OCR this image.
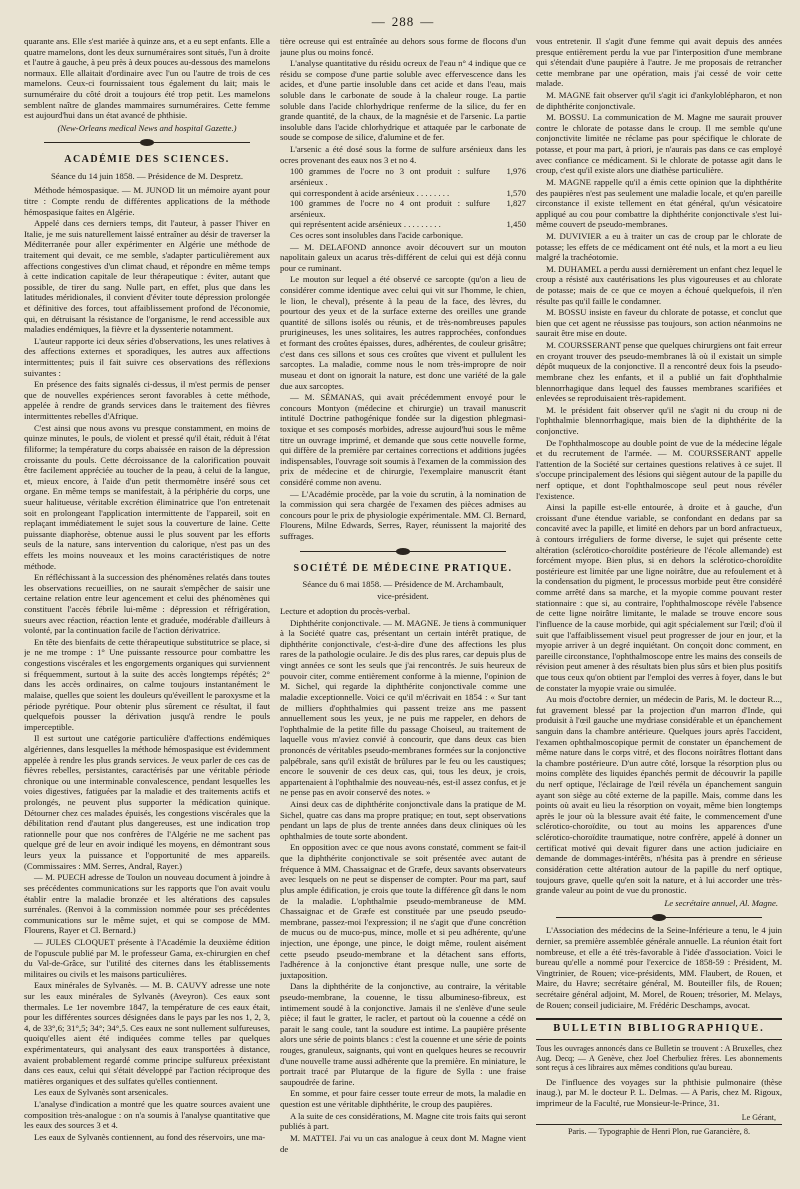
— 288 —

quarante ans. Elle s'est mariée à quinze ans, et a eu sept enfants. Elle a quatre mamelons, dont les deux surnuméraires sont situés, l'un à droite et l'autre à gauche, à peu près à deux pouces au-dessous des mamelons normaux. Elle allaitait d'ordinaire avec l'un ou l'autre de trois de ces mamelons. Ceux-ci fournissaient tous également du lait; mais le surnuméraire du côté droit a toujours été trop petit. Les mamelons semblent naître de glandes mammaires surnuméraires. Cette femme est aujourd'hui dans un état avancé de phthisie.

(New-Orleans medical News and hospital Gazette.)
ACADÉMIE DES SCIENCES.
Séance du 14 juin 1858. — Présidence de M. Despretz.

Méthode hémospasique. — M. JUNOD lit un mémoire ayant pour titre : Compte rendu de différentes applications de la méthode hémospasique faites en Algérie.

Appelé dans ces derniers temps, dit l'auteur, à passer l'hiver en Italie, je me suis naturellement laissé entraîner au désir de traverser la Méditerranée pour aller expérimenter en Algérie une méthode de traitement qui devait, ce me semble, s'adapter particulièrement aux affections congestives d'un climat chaud, et répondre en même temps à cette indication capitale de leur thérapeutique : éviter, autant que possible, de tirer du sang. Nulle part, en effet, plus que dans les latitudes méridionales, il convient d'éviter toute dépression prolongée et définitive des forces, tout affaiblissement profond de l'économie, qui, en détruisant la résistance de l'organisme, le rend accessible aux maladies endémiques, la fièvre et la dyssenterie notamment.

L'auteur rapporte ici deux séries d'observations, les unes relatives à des affections externes et sporadiques, les autres aux affections intermittentes; puis il fait suivre ces observations des réflexions suivantes :

En présence des faits signalés ci-dessus, il m'est permis de penser que de nouvelles expériences seront favorables à cette méthode, appelée à rendre de grands services dans le traitement des fièvres intermittentes rebelles d'Afrique.

C'est ainsi que nous avons vu presque constamment, en moins de quinze minutes, le pouls, de violent et pressé qu'il était, réduit à l'état filiforme; la température du corps abaissée en raison de la dépression croissante du pouls. Cette décroissance de la calorification pouvait être facilement appréciée au toucher de la peau, à celui de la langue, et, mieux encore, à l'aide d'un petit thermomètre inséré sous cet organe. En même temps se manifestait, à la périphérie du corps, une sueur halitueuse, véritable excrétion éliminatrice que l'on entretenait soit en prolongeant l'application intermittente de l'appareil, soit en replaçant immédiatement le sujet sous la couverture de laine. Cette puissante diaphorèse, obtenue aussi le plus souvent par les efforts seuls de la nature, sans intervention du calorique, n'est pas un des effets les moins nouveaux et les moins caractéristiques de notre méthode.

En réfléchissant à la succession des phénomènes relatés dans toutes les observations recueillies, on ne saurait s'empêcher de saisir une certaine relation entre leur agencement et celui des phénomènes qui constituent l'accès fébrile lui-même : dépression et réfrigération, sueurs avec réaction, réaction lente et graduée, modérable d'ailleurs à volonté, par la continuation facile de l'action dérivatrice.

En tête des bienfaits de cette thérapeutique substitutrice se place, si je ne me trompe : 1° Une puissante ressource pour combattre les congestions viscérales et les engorgements organiques qui surviennent si fréquemment, surtout à la suite des accès longtemps répétés; 2° dans les accès ordinaires, on calme toujours instantanément le malaise, quelles que soient les douleurs qu'éveillent le paroxysme et la période pyrétique. Pour obtenir plus sûrement ce résultat, il faut quelquefois pousser la dérivation jusqu'à rendre le pouls imperceptible.

Il est surtout une catégorie particulière d'affections endémiques algériennes, dans lesquelles la méthode hémospasique est évidemment appelée à rendre les plus grands services. Je veux parler de ces cas de fièvres rebelles, persistantes, caractérisés par une véritable période chronique ou une interminable convalescence, pendant lesquelles les voies digestives, fatiguées par la maladie et des traitements actifs et prolongés, ne peuvent plus supporter la médication quinique. Détourner chez ces malades épuisés, les congestions viscérales que la débilitation rend d'autant plus dangereuses, est une indication trop rationnelle pour que nos confrères de l'Algérie ne me sachent pas quelque gré de leur en avoir indiqué les moyens, en démontrant sous leurs yeux la puissance et l'opportunité de mes appareils. (Commissaires : MM. Serres, Andral, Rayer.)

— M. PUECH adresse de Toulon un nouveau document à joindre à ses précédentes communications sur les rapports que l'on avait voulu établir entre la maladie bronzée et les altérations des capsules surrénales. (Renvoi à la commission nommée pour ses précédentes communications sur le même sujet, et qui se compose de MM. Flourens, Rayer et Cl. Bernard.)

— JULES CLOQUET présente à l'Académie la deuxième édition de l'opuscule publié par M. le professeur Gama, ex-chirurgien en chef du Val-de-Grâce, sur l'utilité des citernes dans les établissements militaires ou civils et les maisons particulières.

Eaux minérales de Sylvanès. — M. B. CAUVY adresse une note sur les eaux minérales de Sylvanès (Aveyron). Ces eaux sont thermales. Le 1er novembre 1847, la température de ces eaux était, pour les différentes sources désignées dans le pays par les nos 1, 2, 3, 4, de 33°,6; 31°,5; 34°; 34°,5. Ces eaux ne sont nullement sulfureuses, quoiqu'elles aient été indiquées comme telles par quelques expérimentateurs, qui analysant des eaux transportées à distance, avaient probablement regardé comme principe sulfureux préexistant dans ces eaux, celui qui s'était développé par l'action réciproque des matières organiques et des sulfates qu'elles contiennent.

Les eaux de Sylvanès sont arsenicales.

L'analyse d'indication a montré que les quatre sources avaient une composition très-analogue : on n'a soumis à l'analyse quantitative que les eaux des sources 3 et 4.

Les eaux de Sylvanès contiennent, au fond des réservoirs, une ma-

tière ocreuse qui est entraînée au dehors sous forme de flocons d'un jaune plus ou moins foncé.

L'analyse quantitative du résidu ocreux de l'eau n° 4 indique que ce résidu se compose d'une partie soluble avec effervescence dans les acides, et d'une partie insoluble dans cet acide et dans l'eau, mais soluble dans le carbonate de soude à la chaleur rouge. La partie soluble dans l'acide chlorhydrique renferme de la silice, du fer en grande quantité, de la chaux, de la magnésie et de l'arsenic. La partie insoluble dans l'acide chlorhydrique et attaquée par le carbonate de soude se compose de silice, d'alumine et de fer.

L'arsenic a été dosé sous la forme de sulfure arsénieux dans les ocres provenant des eaux nos 3 et no 4.

100 grammes de l'ocre no 3 ont produit : sulfure arsénieux .
1,976
qui correspondent à acide arsénieux . . . . . . . .	1,570
100 grammes de l'ocre no 4 ont produit : sulfure arsénieux.
1,827
qui représentent acide arsénieux . . . . . . . . .	1,450

Ces ocres sont insolubles dans l'acide carbonique.

— M. DELAFOND annonce avoir découvert sur un mouton napolitain galeux un acarus très-différent de celui qui est déjà connu pour ce ruminant.

Le mouton sur lequel a été observé ce sarcopte (qu'on a lieu de considérer comme identique avec celui qui vit sur l'homme, le chien, le lion, le cheval), présente à la peau de la face, des lèvres, du pourtour des yeux et de la surface externe des oreilles une grande quantité de sillons isolés ou réunis, et de très-nombreuses papules prurigineuses, les unes solitaires, les autres rapprochées, confondues et formant des croûtes épaisses, dures, adhérentes, de couleur grisâtre; c'est dans ces sillons et sous ces croûtes que vivent et pullulent les sarcoptes. La maladie, comme nous le nom très-impropre de noir museau et dont on ignorait la nature, est donc une variété de la gale due aux sarcoptes.

— M. SÉMANAS, qui avait précédemment envoyé pour le concours Montyon (médecine et chirurgie) un travail manuscrit intitulé Doctrine pathogénique fondée sur la digestion phlegmasi-toxique et ses composés morbides, adresse aujourd'hui sous le même titre un ouvrage imprimé, et demande que sous cette nouvelle forme, qui diffère de la première par certaines corrections et additions jugées indispensables, l'ouvrage soit soumis à l'examen de la commission des prix de médecine et de chirurgie, l'exemplaire manuscrit étant considéré comme non avenu.

— L'Académie procède, par la voie du scrutin, à la nomination de la commission qui sera chargée de l'examen des pièces admises au concours pour le prix de physiologie expérimentale. MM. Cl. Bernard, Flourens, Milne Edwards, Serres, Rayer, réunissent la majorité des suffrages.

SOCIÉTÉ DE MÉDECINE PRATIQUE.
Séance du 6 mai 1858. — Présidence de M. Archambault,
vice-président.

Lecture et adoption du procès-verbal.

Diphthérite conjonctivale. — M. MAGNE. Je tiens à communiquer à la Société quatre cas, présentant un certain intérêt pratique, de diphthérite conjonctivale, c'est-à-dire d'une des affections les plus rares de la pathologie oculaire. Je dis des plus rares, car depuis plus de vingt années ce sont les seuls que j'ai rencontrés. Je suis heureux de pouvoir citer, comme entièrement conforme à la mienne, l'opinion de M. Sichel, qui regarde la diphthérite conjonctivale comme une maladie exceptionnelle. Voici ce qu'il m'écrivait en 1854 : « Sur tant de milliers d'ophthalmies qui passent treize ans me passent annuellement sous les yeux, je ne puis me rappeler, en dehors de l'ophthalmie de la petite fille du passage Choiseul, au traitement de laquelle vous m'aviez convié à concourir, que dans deux cas bien prononcés de véritables pseudo-membranes formées sur la conjonctive palpébrale, sans qu'il existât de brûlures par le feu ou les caustiques; encore le souvenir de ces deux cas, qui, tous les deux, je crois, appartenaient à l'ophthalmie des nouveau-nés, est-il assez confus, et je ne pense pas en avoir conservé des notes. »

Ainsi deux cas de diphthérite conjonctivale dans la pratique de M. Sichel, quatre cas dans ma propre pratique; en tout, sept observations pendant un laps de plus de trente années dans deux cliniques où les ophthalmies de toute sorte abondent.

En opposition avec ce que nous avons constaté, comment se fait-il que la diphthérite conjonctivale se soit présentée avec autant de fréquence à MM. Chassaignac et de Græfe, deux savants observateurs avec lesquels on ne peut se dispenser de compter. Pour ma part, sauf plus ample édification, je crois que toute la différence gît dans le nom de la maladie. L'ophthalmie pseudo-membraneuse de MM. Chassaignac et de Græfe est constituée par une pseudo pseudo-membrane, passez-moi l'expression; il ne s'agit que d'une concrétion de mucus ou de muco-pus, mince, molle et si peu adhérente, qu'une injection, une éponge, une pince, le doigt même, roulent aisément cette pseudo pseudo-membrane et la détachent sans efforts, l'adhérence à la conjonctive étant presque nulle, une sorte de juxtaposition.

Dans la diphthérite de la conjonctive, au contraire, la véritable pseudo-membrane, la couenne, le tissu albumineso-fibreux, est intimement soudé à la conjonctive. Jamais il ne s'enlève d'une seule pièce; il faut le gratter, le racler, et partout où la couenne a cédé on parait le sang coule, tant la soudure est intime. La paupière présente alors une série de points blancs : c'est la couenne et une série de points rouges, granuleux, saignants, qui vont en quelques heures se recouvrir d'une nouvelle trame aussi adhérente que la première. En miniature, le portrait tracé par Plutarque de la figure de Sylla : une fraise saupoudrée de farine.

En somme, et pour faire cesser toute erreur de mots, la maladie en question est une véritable diphthérite, le croup des paupières.

A la suite de ces considérations, M. Magne cite trois faits qui seront publiés à part.

M. MATTEI. J'ai vu un cas analogue à ceux dont M. Magne vient de

vous entretenir. Il s'agit d'une femme qui avait depuis des années presque entièrement perdu la vue par l'interposition d'une membrane qui s'étendait d'une paupière à l'autre. Je me proposais de retrancher cette membrane par une opération, mais j'ai cessé de voir cette malade.

M. MAGNE fait observer qu'il s'agit ici d'ankyloblépharon, et non de diphthérite conjonctivale.

M. BOSSU. La communication de M. Magne me saurait prouver contre le chlorate de potasse dans le croup. Il me semble qu'une conjonctivite limitée ne réclame pas pour spécifique le chlorate de potasse, et pour ma part, à priori, je n'aurais pas dans ce cas employé avec confiance ce médicament. Si le chlorate de potasse agit dans le croup, c'est qu'il existe alors une diathèse particulière.

M. MAGNE rappelle qu'il a émis cette opinion que la diphthérite des paupières n'est pas seulement une maladie locale, et qu'en pareille circonstance il existe tellement en état général, qu'un vésicatoire appliqué au cou pour combattre la diphthérite conjonctivale s'est lui-même couvert de pseudo-membranes.

M. DUVIVIER a eu à traiter un cas de croup par le chlorate de potasse; les effets de ce médicament ont été nuls, et la mort a eu lieu malgré la trachéotomie.

M. DUHAMEL a perdu aussi dernièrement un enfant chez lequel le croup a résisté aux cautérisations les plus vigoureuses et au chlorate de potasse; mais de ce que ce moyen a échoué quelquefois, il n'en résulte pas qu'il faille le condamner.

M. BOSSU insiste en faveur du chlorate de potasse, et conclut que bien que cet agent ne réussisse pas toujours, son action néanmoins ne saurait être mise en doute.

M. COURSSERANT pense que quelques chirurgiens ont fait erreur en croyant trouver des pseudo-membranes là où il existait un simple dépôt muqueux de la conjonctive. Il a rencontré deux fois la pseudo-membrane chez les enfants, et il a publié un fait d'ophthalmie blennorrhagique dans lequel des fausses membranes scarifiées et enlevées se reproduisaient très-rapidement.

M. le président fait observer qu'il ne s'agit ni du croup ni de l'ophthalmie blennorrhagique, mais bien de la diphthérite de la conjonctive.

De l'ophthalmoscope au double point de vue de la médecine légale et du recrutement de l'armée. — M. COURSSERANT appelle l'attention de la Société sur certaines questions relatives à ce sujet. Il s'occupe principalement des lésions qui siègent autour de la papille du nerf optique, et dont l'ophthalmoscope seul peut nous révéler l'existence.

Ainsi la papille est-elle entourée, à droite et à gauche, d'un croissant d'une étendue variable, se confondant en dedans par sa concavité avec la papille, et limité en dehors par un bord anfractueux, à contours irréguliers de forme diverse, le sujet qui présente cette altération (sclérotico-choroïdite postérieure de l'école allemande) est forcément myope. Bien plus, si en dehors la sclérotico-choroïdite postérieure est limitée par une ligne noirâtre, due au refoulement et à la condensation du pigment, le processus morbide peut être considéré comme arrêté dans sa marche, et la myopie comme pouvant rester stationnaire : que si, au contraire, l'ophthalmoscope révèle l'absence de cette ligne noirâtre limitante, le malade se trouve encore sous l'influence de la cause morbide, qui agit spécialement sur l'œil; d'où il suit que l'affaiblissement visuel peut progresser de jour en jour, et la myopie arriver à un degré inquiétant. On conçoit donc comment, en pareille circonstance, l'ophthalmoscope entre les mains des conseils de révision peut amener à des résultats bien plus sûrs et bien plus positifs que tous ceux qu'on obtient par l'emploi des verres à foyer, dans le but de constater la myopie vraie ou simulée.

Au mois d'octobre dernier, un médecin de Paris, M. le docteur R..., fut gravement blessé par la projection d'un marron d'Inde, qui produisit à l'œil gauche une mydriase considérable et un épanchement sanguin dans la chambre antérieure. Quelques jours après l'accident, l'examen ophthalmoscopique permit de constater un épanchement de même nature dans le corps vitré, et des flocons noirâtres flottant dans la chambre postérieure. D'un autre côté, lorsque la résorption plus ou moins complète des liquides épanchés permit de découvrir la papille du nerf optique, l'éclairage de l'œil révéla un épanchement sanguin ayant son siège au côté externe de la papille. Mais, comme dans les points où avait eu lieu la résorption on voyait, même bien longtemps après le jour où la blessure avait été faite, le commencement d'une sclérotico-choroïdite, ou tout au moins les apparences d'une sclérotico-choroïdite traumatique, notre confrère, appelé à donner un certificat motivé qui devait figurer dans une action judiciaire en demande de dommages-intérêts, n'hésita pas à prendre en sérieuse considération cette altération autour de la papille du nerf optique, toujours grave, quelle qu'en soit la nature, et à lui accorder une très-grande valeur au point de vue du pronostic.

Le secrétaire annuel, Al. Magne.

L'Association des médecins de la Seine-Inférieure a tenu, le 4 juin dernier, sa première assemblée générale annuelle. La réunion était fort nombreuse, et elle a été très-favorable à l'idée d'association. Voici le bureau qu'elle a nommé pour l'exercice de 1858-59 : Président, M. Vingtrinier, de Rouen; vice-présidents, MM. Flaubert, de Rouen, et Maire, du Havre; secrétaire général, M. Bouteiller fils, de Rouen; secrétaire général adjoint, M. Morel, de Rouen; trésorier, M. Melays, de Rouen; conseil judiciaire, M. Frédéric Deschamps, avocat.

BULLETIN BIBLIOGRAPHIQUE.
Tous les ouvrages annoncés dans ce Bulletin se trouvent : A Bruxelles, chez Aug. Decq; — A Genève, chez Joel Cherbuliez frères. Les abonnements sont reçus à ces libraires aux mêmes conditions qu'au bureau.

De l'influence des voyages sur la phthisie pulmonaire (thèse inaug.), par M. le docteur P. L. Delmas. — A Paris, chez M. Rigoux, imprimeur de la Faculté, rue Monsieur-le-Prince, 31.

Le Gérant,
Paris. — Typographie de Henri Plon, rue Garancière, 8.
